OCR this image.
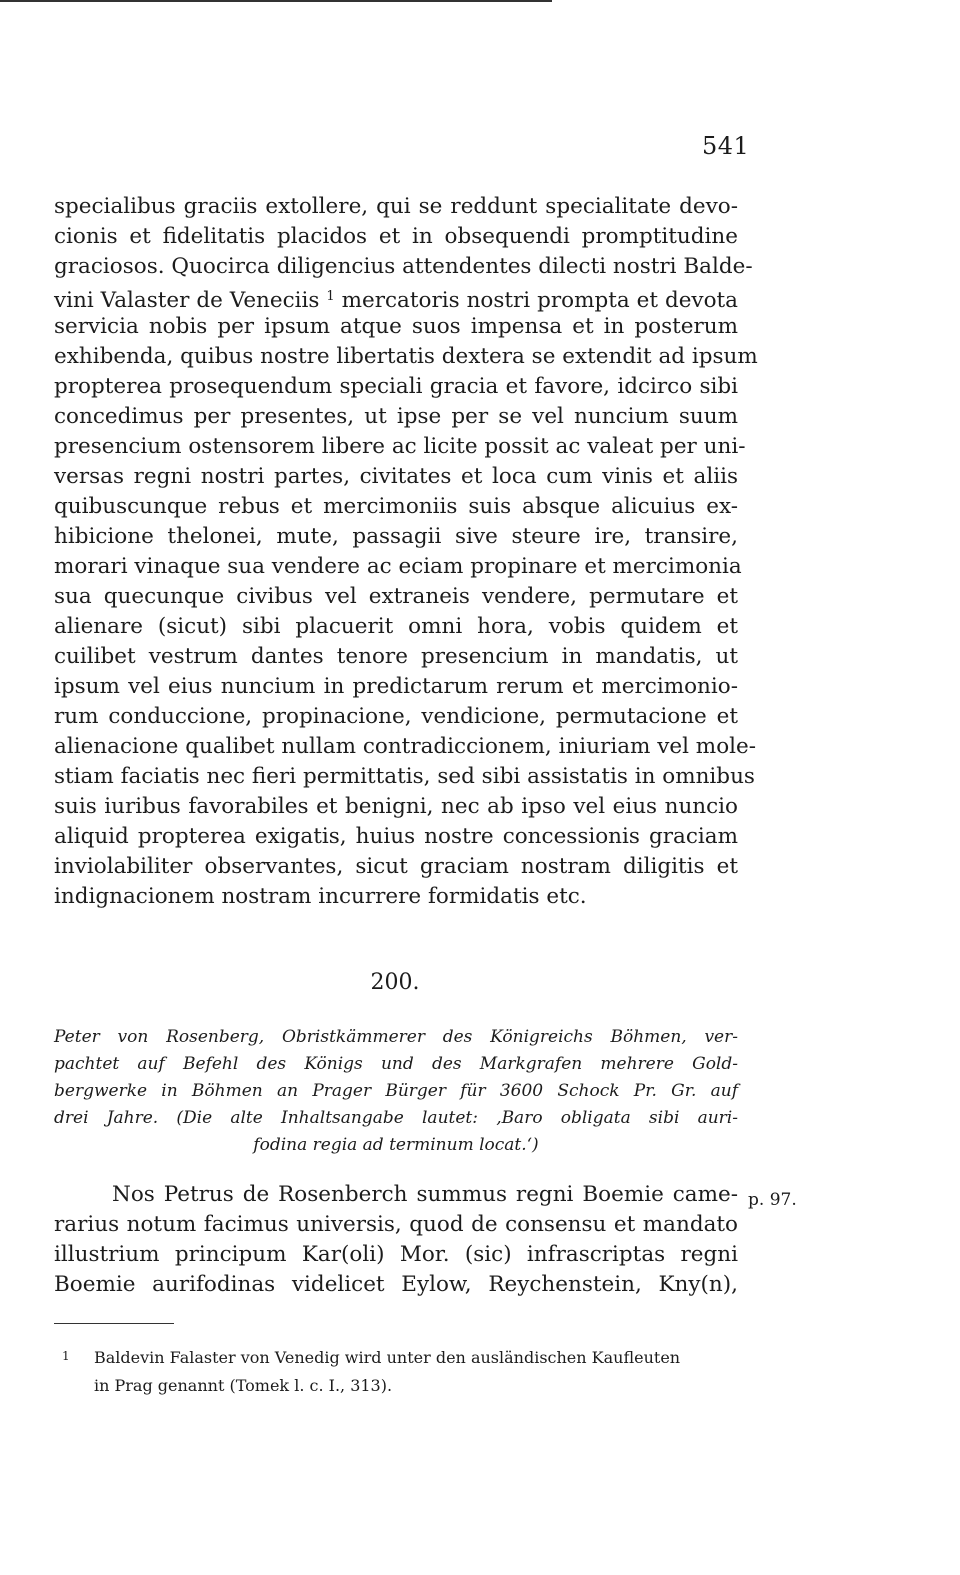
541
specialibus graciis extollere, qui se reddunt specialitate devo-
cionis et fidelitatis placidos et in obsequendi promptitudine
graciosos. Quocirca diligencius attendentes dilecti nostri Balde-
vini Valaster de Veneciis $^1$ mercatoris nostri prompta et devota
servicia nobis per ipsum atque suos impensa et in posterum
exhibenda, quibus nostre libertatis dextera se extendit ad ipsum
propterea prosequendum speciali gracia et favore, idcirco sibi
concedimus per presentes, ut ipse per se vel nuncium suum
presencium ostensorem libere ac licite possit ac valeat per uni-
versas regni nostri partes, civitates et loca cum vinis et aliis
quibuscunque rebus et mercimoniis suis absque alicuius ex-
hibicione thelonei, mute, passagii sive steure ire, transire,
morari vinaque sua vendere ac eciam propinare et mercimonia
sua quecunque civibus vel extraneis vendere, permutare et
alienare (sicut) sibi placuerit omni hora, vobis quidem et
cuilibet vestrum dantes tenore presencium in mandatis, ut
ipsum vel eius nuncium in predictarum rerum et mercimonio-
rum conduccione, propinacione, vendicione, permutacione et
alienacione qualibet nullam contradiccionem, iniuriam vel mole-
stiam faciatis nec fieri permittatis, sed sibi assistatis in omnibus
suis iuribus favorabiles et benigni, nec ab ipso vel eius nuncio
aliquid propterea exigatis, huius nostre concessionis graciam
inviolabiliter observantes, sicut graciam nostram diligitis et
indignacionem nostram incurrere formidatis etc.
200.
Peter von Rosenberg, Obristkämmerer des Königreichs Böhmen, ver-
pachtet auf Befehl des Königs und des Markgrafen mehrere Gold-
bergwerke in Böhmen an Prager Bürger für 3600 Schock Pr. Gr. auf
drei Jahre. (Die alte Inhaltsangabe lautet: ‚Baro obligata sibi auri-
fodina regia ad terminum locat.‘)
Nos Petrus de Rosenberch summus regni Boemie came-
rarius notum facimus universis, quod de consensu et mandato
illustrium principum Kar(oli) Mor. (sic) infrascriptas regni
Boemie aurifodinas videlicet Eylow, Reychenstein, Kny(n),
p. 97.
1 Baldevin Falaster von Venedig wird unter den ausländischen Kaufleuten
in Prag genannt (Tomek l. c. I., 313).
